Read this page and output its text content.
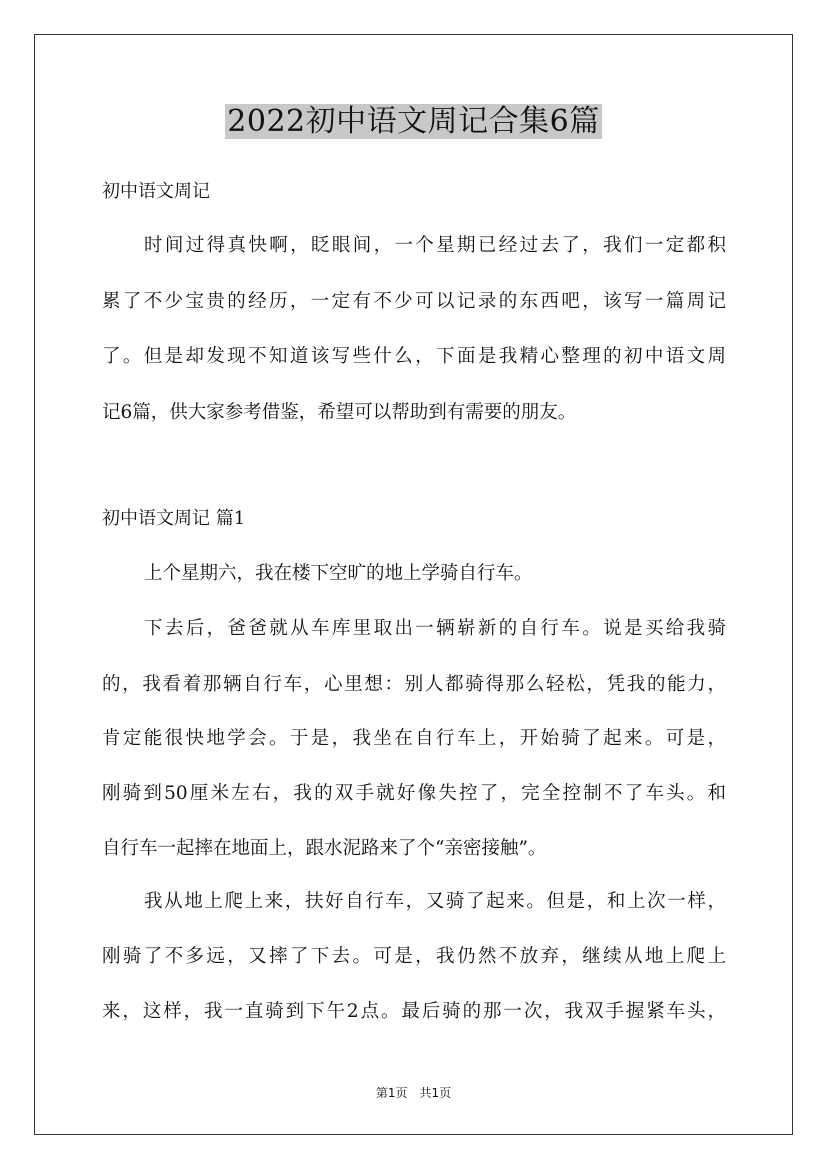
2022初中语文周记合集6篇
初中语文周记
时间过得真快啊，眨眼间，一个星期已经过去了，我们一定都积
累了不少宝贵的经历，一定有不少可以记录的东西吧，该写一篇周记
了。但是却发现不知道该写些什么，下面是我精心整理的初中语文周
记6篇，供大家参考借鉴，希望可以帮助到有需要的朋友。
初中语文周记 篇1
上个星期六，我在楼下空旷的地上学骑自行车。
下去后，爸爸就从车库里取出一辆崭新的自行车。说是买给我骑
的，我看着那辆自行车，心里想：别人都骑得那么轻松，凭我的能力，
肯定能很快地学会。于是，我坐在自行车上，开始骑了起来。可是，
刚骑到50厘米左右，我的双手就好像失控了，完全控制不了车头。和
自行车一起摔在地面上，跟水泥路来了个“亲密接触”。
我从地上爬上来，扶好自行车，又骑了起来。但是，和上次一样，
刚骑了不多远，又摔了下去。可是，我仍然不放弃，继续从地上爬上
来，这样，我一直骑到下午2点。最后骑的那一次，我双手握紧车头，
第1页　共1页
